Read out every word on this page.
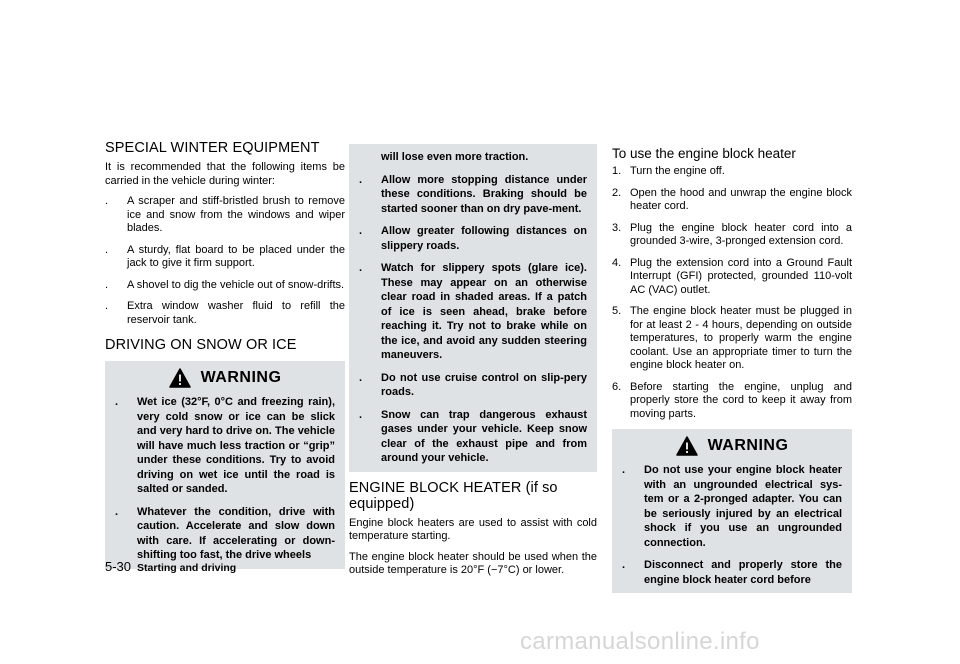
SPECIAL WINTER EQUIPMENT

It is recommended that the following items be carried in the vehicle during winter:

. A scraper and stiff-bristled brush to remove ice and snow from the windows and wiper blades.
. A sturdy, flat board to be placed under the jack to give it firm support.
. A shovel to dig the vehicle out of snow-drifts.
. Extra window washer fluid to refill the reservoir tank.
DRIVING ON SNOW OR ICE
WARNING
. Wet ice (32°F, 0°C and freezing rain), very cold snow or ice can be slick and very hard to drive on. The vehicle will have much less traction or “grip” under these conditions. Try to avoid driving on wet ice until the road is salted or sanded.
. Whatever the condition, drive with caution. Accelerate and slow down with care. If accelerating or down-shifting too fast, the drive wheels
will lose even more traction.
. Allow more stopping distance under these conditions. Braking should be started sooner than on dry pave-ment.
. Allow greater following distances on slippery roads.
. Watch for slippery spots (glare ice). These may appear on an otherwise clear road in shaded areas. If a patch of ice is seen ahead, brake before reaching it. Try not to brake while on the ice, and avoid any sudden steering maneuvers.
. Do not use cruise control on slip-pery roads.
. Snow can trap dangerous exhaust gases under your vehicle. Keep snow clear of the exhaust pipe and from around your vehicle.
ENGINE BLOCK HEATER (if so equipped)

Engine block heaters are used to assist with cold temperature starting.

The engine block heater should be used when the outside temperature is 20°F (−7°C) or lower.

To use the engine block heater
1. Turn the engine off.
2. Open the hood and unwrap the engine block heater cord.
3. Plug the engine block heater cord into a grounded 3-wire, 3-pronged extension cord.
4. Plug the extension cord into a Ground Fault Interrupt (GFI) protected, grounded 110-volt AC (VAC) outlet.
5. The engine block heater must be plugged in for at least 2 - 4 hours, depending on outside temperatures, to properly warm the engine coolant. Use an appropriate timer to turn the engine block heater on.
6. Before starting the engine, unplug and properly store the cord to keep it away from moving parts.
WARNING
. Do not use your engine block heater with an ungrounded electrical sys-tem or a 2-pronged adapter. You can be seriously injured by an electrical shock if you use an ungrounded connection.
. Disconnect and properly store the engine block heater cord before
5-30 Starting and driving
carmanualsonline.info
